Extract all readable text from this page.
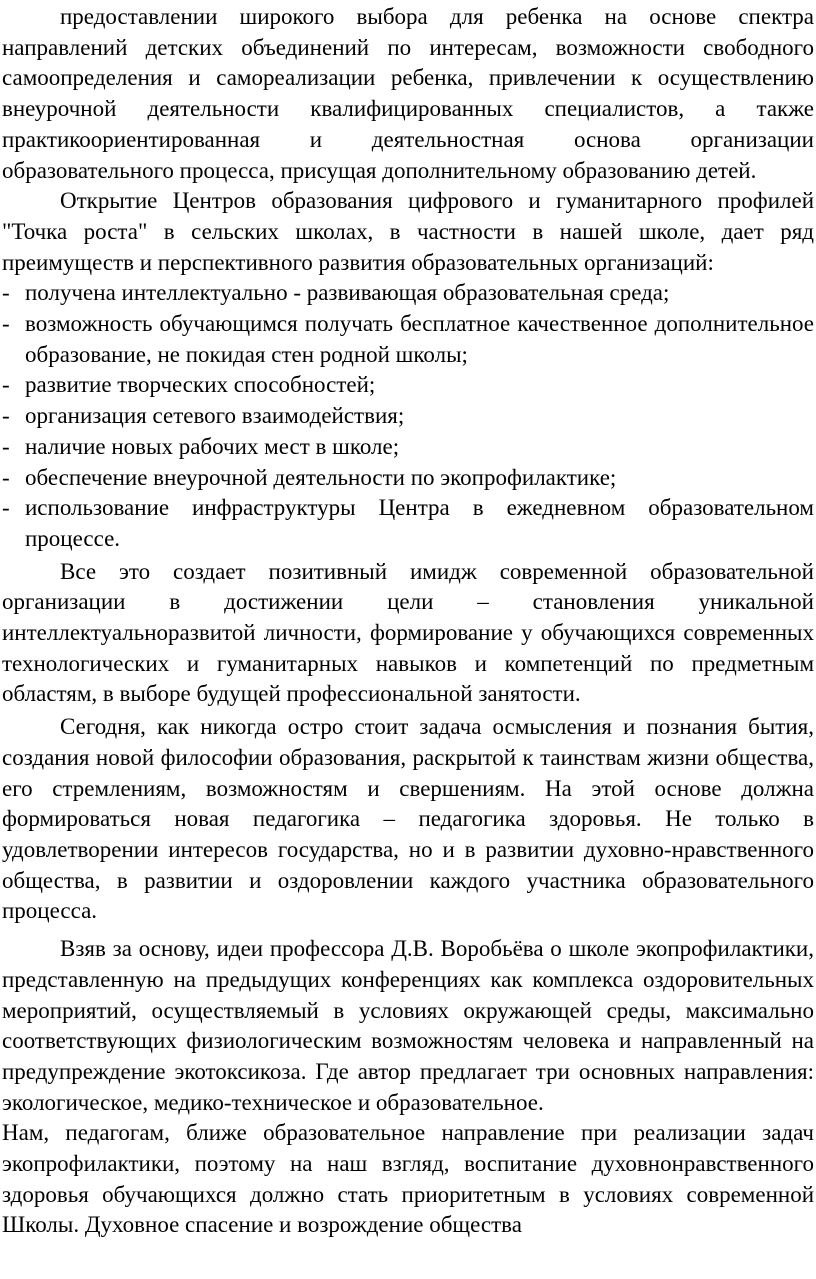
предоставлении широкого выбора для ребенка на основе спектра направлений детских объединений по интересам, возможности свободного самоопределения и самореализации ребенка, привлечении к осуществлению внеурочной деятельности квалифицированных специалистов, а также практикоориентированная и деятельностная основа организации образовательного процесса, присущая дополнительному образованию детей.

Открытие Центров образования цифрового и гуманитарного профилей "Точка роста" в сельских школах, в частности в нашей школе, дает ряд преимуществ и перспективного развития образовательных организаций:

- получена интеллектуально - развивающая образовательная среда;
- возможность обучающимся получать бесплатное качественное дополнительное образование, не покидая стен родной школы;
- развитие творческих способностей;
- организация сетевого взаимодействия;
- наличие новых рабочих мест в школе;
- обеспечение внеурочной деятельности по экопрофилактике;
- использование инфраструктуры Центра в ежедневном образовательном процессе.

Все это создает позитивный имидж современной образовательной организации в достижении цели – становления уникальной интеллектуальноразвитой личности, формирование у обучающихся современных технологических и гуманитарных навыков и компетенций по предметным областям, в выборе будущей профессиональной занятости.

Сегодня, как никогда остро стоит задача осмысления и познания бытия, создания новой философии образования, раскрытой к таинствам жизни общества, его стремлениям, возможностям и свершениям. На этой основе должна формироваться новая педагогика – педагогика здоровья. Не только в удовлетворении интересов государства, но и в развитии духовно-нравственного общества, в развитии и оздоровлении каждого участника образовательного процесса.

Взяв за основу, идеи профессора Д.В. Воробьёва о школе экопрофилактики, представленную на предыдущих конференциях как комплекса оздоровительных мероприятий, осуществляемый в условиях окружающей среды, максимально соответствующих физиологическим возможностям человека и направленный на предупреждение экотоксикоза. Где автор предлагает три основных направления: экологическое, медико-техническое и образовательное.

Нам, педагогам, ближе образовательное направление при реализации задач экопрофилактики, поэтому на наш взгляд, воспитание духовнонравственного здоровья обучающихся должно стать приоритетным в условиях современной Школы. Духовное спасение и возрождение общества
